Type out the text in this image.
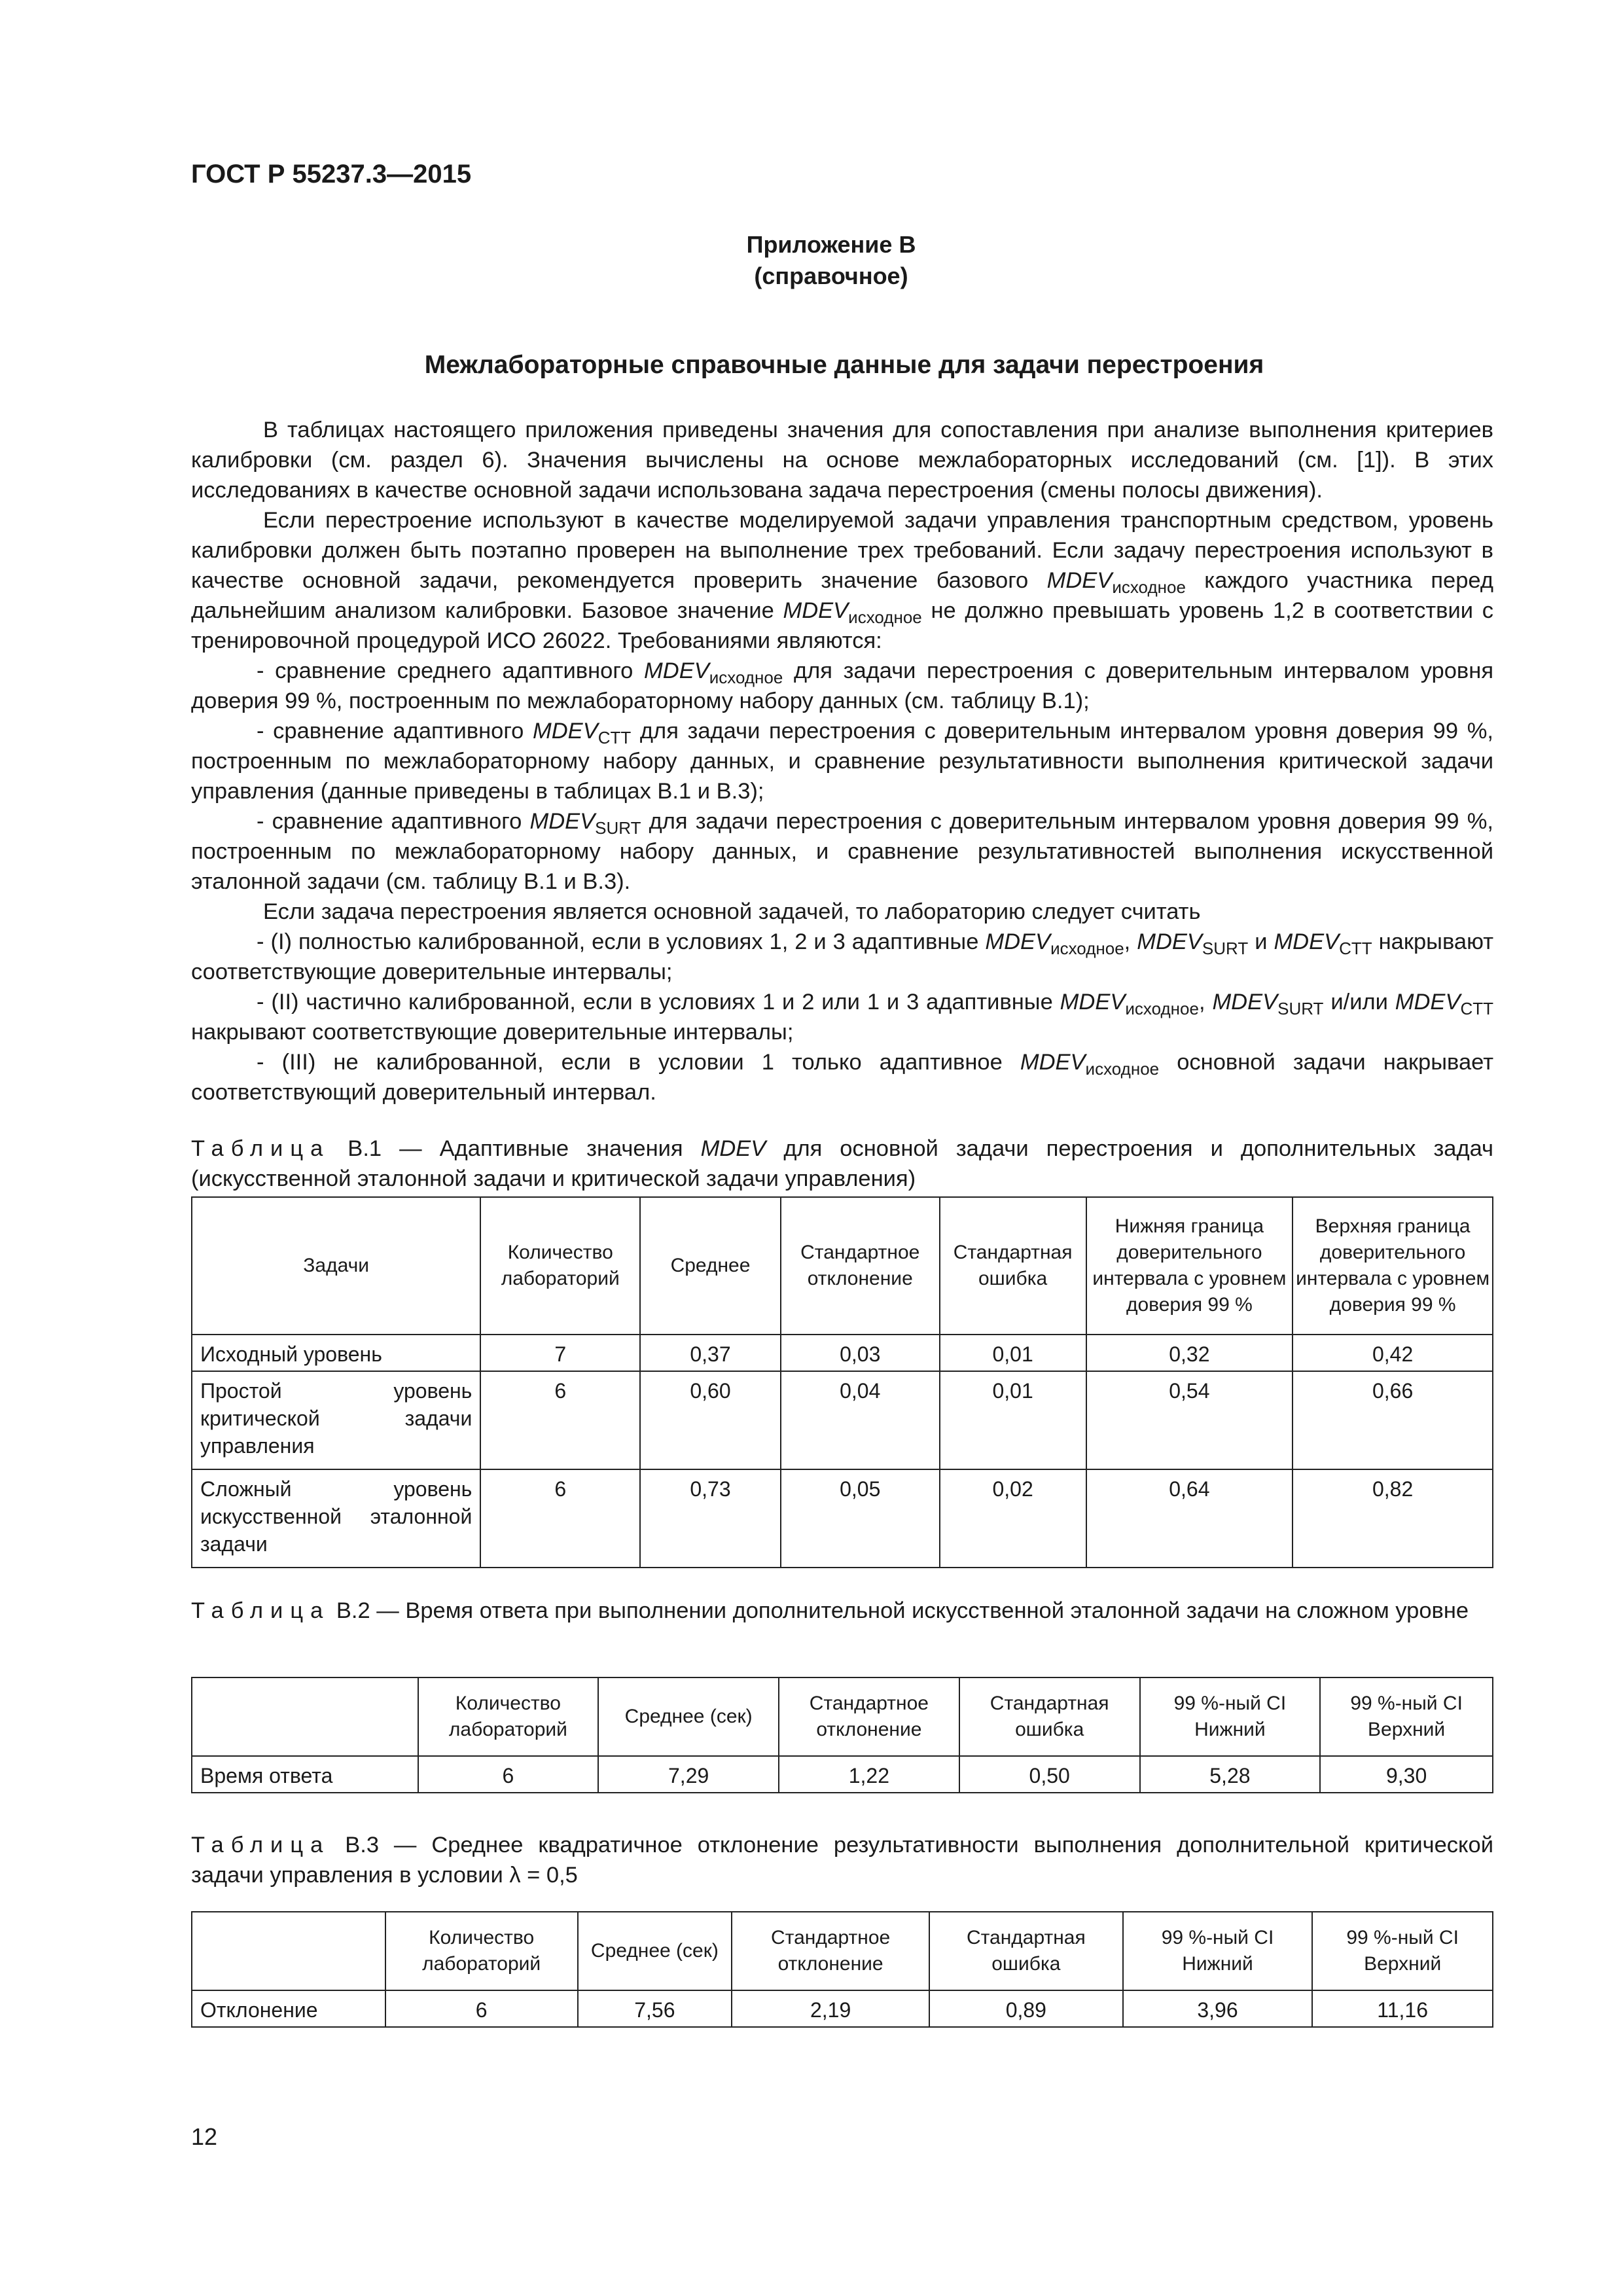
ГОСТ Р 55237.3—2015
Приложение В
(справочное)
Межлабораторные справочные данные для задачи перестроения

В таблицах настоящего приложения приведены значения для сопоставления при анализе выполнения критериев калибровки (см. раздел 6). Значения вычислены на основе межлабораторных исследований (см. [1]). В этих исследованиях в качестве основной задачи использована задача перестроения (смены полосы движения).

Если перестроение используют в качестве моделируемой задачи управления транспортным средством, уровень калибровки должен быть поэтапно проверен на выполнение трех требований. Если задачу перестроения используют в качестве основной задачи, рекомендуется проверить значение базового $MDEV_{исходное}$ каждого участника перед дальнейшим анализом калибровки. Базовое значение $MDEV_{исходное}$ не должно превышать уровень 1,2 в соответствии с тренировочной процедурой ИСО 26022. Требованиями являются:

- сравнение среднего адаптивного $MDEV_{исходное}$ для задачи перестроения с доверительным интервалом уровня доверия 99 %, построенным по межлабораторному набору данных (см. таблицу В.1);

- сравнение адаптивного $MDEV_{CTT}$ для задачи перестроения с доверительным интервалом уровня доверия 99 %, построенным по межлабораторному набору данных, и сравнение результативности выполнения критической задачи управления (данные приведены в таблицах В.1 и В.3);

- сравнение адаптивного $MDEV_{SURT}$ для задачи перестроения с доверительным интервалом уровня доверия 99 %, построенным по межлабораторному набору данных, и сравнение результативностей выполнения искусственной эталонной задачи (см. таблицу В.1 и В.3).

Если задача перестроения является основной задачей, то лабораторию следует считать

- (I) полностью калиброванной, если в условиях 1, 2 и 3 адаптивные $MDEV_{исходное}$, $MDEV_{SURT}$ и $MDEV_{CTT}$ накрывают соответствующие доверительные интервалы;

- (II) частично калиброванной, если в условиях 1 и 2 или 1 и 3 адаптивные $MDEV_{исходное}$, $MDEV_{SURT}$ и/или $MDEV_{CTT}$ накрывают соответствующие доверительные интервалы;

- (III) не калиброванной, если в условии 1 только адаптивное $MDEV_{исходное}$ основной задачи накрывает соответствующий доверительный интервал.

Таблица В.1 — Адаптивные значения MDEV для основной задачи перестроения и дополнительных задач (искусственной эталонной задачи и критической задачи управления)
Задачи	Количество лабораторий	Среднее	Стандартное отклонение	Стандартная ошибка	Нижняя граница доверительного интервала с уровнем доверия 99 %	Верхняя граница доверительного интервала с уровнем доверия 99 %
Исходный уровень	7	0,37	0,03	0,01	0,32	0,42
Простой уровень критической задачи управления	6	0,60	0,04	0,01	0,54	0,66
Сложный уровень искусственной эталонной задачи	6	0,73	0,05	0,02	0,64	0,82
Таблица В.2 — Время ответа при выполнении дополнительной искусственной эталонной задачи на сложном уровне
	Количество лабораторий	Среднее (сек)	Стандартное отклонение	Стандартная ошибка	99 %-ный CI Нижний	99 %-ный CI Верхний
Время ответа	6	7,29	1,22	0,50	5,28	9,30
Таблица В.3 — Среднее квадратичное отклонение результативности выполнения дополнительной критической задачи управления в условии λ = 0,5
	Количество лабораторий	Среднее (сек)	Стандартное отклонение	Стандартная ошибка	99 %-ный CI Нижний	99 %-ный CI Верхний
Отклонение	6	7,56	2,19	0,89	3,96	11,16
12
